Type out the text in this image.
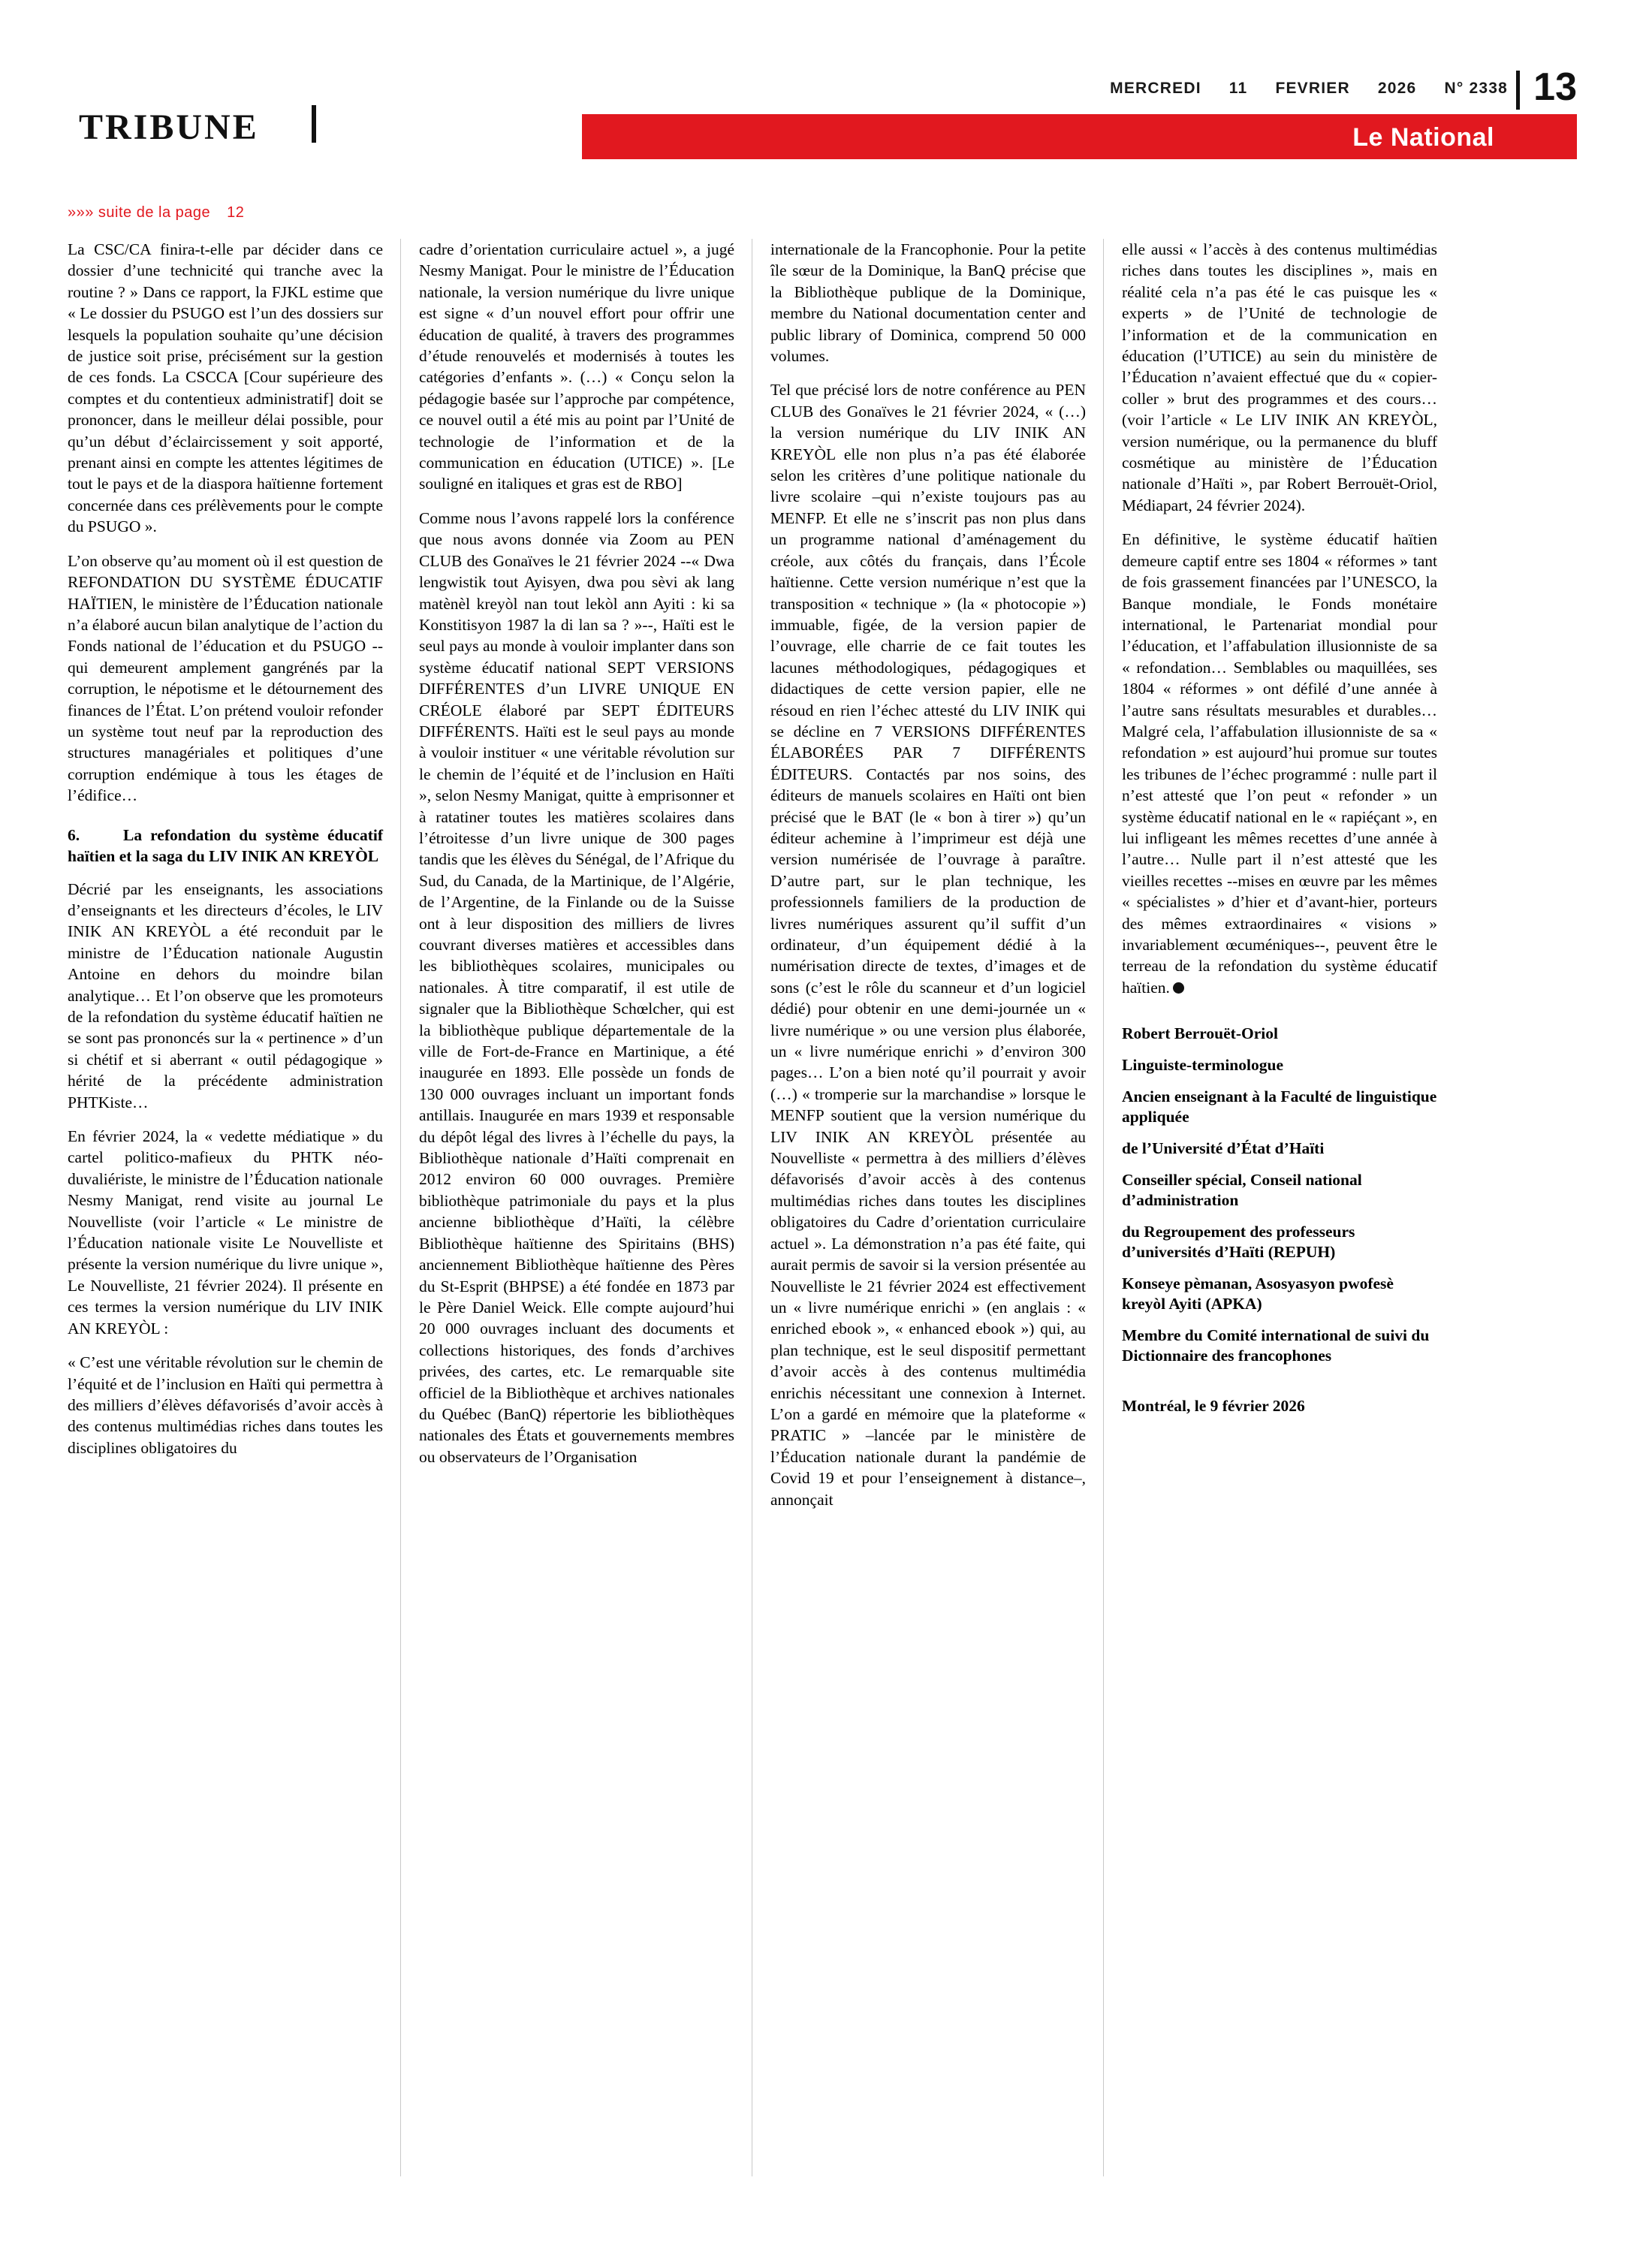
MERCREDI 11 FEVRIER 2026 N° 2338 13
TRIBUNE	Le National
»»» suite de la page 12

La CSC/CA finira-t-elle par décider dans ce dossier d’une technicité qui tranche avec la routine ? » Dans ce rapport, la FJKL estime que « Le dossier du PSUGO est l’un des dossiers sur lesquels la population souhaite qu’une décision de justice soit prise, précisément sur la gestion de ces fonds. La CSCCA [Cour supérieure des comptes et du contentieux administratif] doit se prononcer, dans le meilleur délai possible, pour qu’un début d’éclaircissement y soit apporté, prenant ainsi en compte les attentes légitimes de tout le pays et de la diaspora haïtienne fortement concernée dans ces prélèvements pour le compte du PSUGO ».

L’on observe qu’au moment où il est question de REFONDATION DU SYSTÈME ÉDUCATIF HAÏTIEN, le ministère de l’Éducation nationale n’a élaboré aucun bilan analytique de l’action du Fonds national de l’éducation et du PSUGO --qui demeurent amplement gangrénés par la corruption, le népotisme et le détournement des finances de l’État. L’on prétend vouloir refonder un système tout neuf par la reproduction des structures managériales et politiques d’une corruption endémique à tous les étages de l’édifice…

6.	La refondation du système éducatif haïtien et la saga du LIV INIK AN KREYÒL

Décrié par les enseignants, les associations d’enseignants et les directeurs d’écoles, le LIV INIK AN KREYÒL a été reconduit par le ministre de l’Éducation nationale Augustin Antoine en dehors du moindre bilan analytique… Et l’on observe que les promoteurs de la refondation du système éducatif haïtien ne se sont pas prononcés sur la « pertinence » d’un si chétif et si aberrant « outil pédagogique » hérité de la précédente administration PHTKiste…

En février 2024, la « vedette médiatique » du cartel politico-mafieux du PHTK néo-duvaliériste, le ministre de l’Éducation nationale Nesmy Manigat, rend visite au journal Le Nouvelliste (voir l’article « Le ministre de l’Éducation nationale visite Le Nouvelliste et présente la version numérique du livre unique », Le Nouvelliste, 21 février 2024). Il présente en ces termes la version numérique du LIV INIK AN KREYÒL :

« C’est une véritable révolution sur le chemin de l’équité et de l’inclusion en Haïti qui permettra à des milliers d’élèves défavorisés d’avoir accès à des contenus multimédias riches dans toutes les disciplines obligatoires du

cadre d’orientation curriculaire actuel », a jugé Nesmy Manigat. Pour le ministre de l’Éducation nationale, la version numérique du livre unique est signe « d’un nouvel effort pour offrir une éducation de qualité, à travers des programmes d’étude renouvelés et modernisés à toutes les catégories d’enfants ». (…) « Conçu selon la pédagogie basée sur l’approche par compétence, ce nouvel outil a été mis au point par l’Unité de technologie de l’information et de la communication en éducation (UTICE) ». [Le souligné en italiques et gras est de RBO]

Comme nous l’avons rappelé lors la conférence que nous avons donnée via Zoom au PEN CLUB des Gonaïves le 21 février 2024 --« Dwa lengwistik tout Ayisyen, dwa pou sèvi ak lang matènèl kreyòl nan tout lekòl ann Ayiti : ki sa Konstitisyon 1987 la di lan sa ? »--, Haïti est le seul pays au monde à vouloir implanter dans son système éducatif national SEPT VERSIONS DIFFÉRENTES d’un LIVRE UNIQUE EN CRÉOLE élaboré par SEPT ÉDITEURS DIFFÉRENTS. Haïti est le seul pays au monde à vouloir instituer « une véritable révolution sur le chemin de l’équité et de l’inclusion en Haïti », selon Nesmy Manigat, quitte à emprisonner et à ratatiner toutes les matières scolaires dans l’étroitesse d’un livre unique de 300 pages tandis que les élèves du Sénégal, de l’Afrique du Sud, du Canada, de la Martinique, de l’Algérie, de l’Argentine, de la Finlande ou de la Suisse ont à leur disposition des milliers de livres couvrant diverses matières et accessibles dans les bibliothèques scolaires, municipales ou nationales. À titre comparatif, il est utile de signaler que la Bibliothèque Schœlcher, qui est la bibliothèque publique départementale de la ville de Fort-de-France en Martinique, a été inaugurée en 1893. Elle possède un fonds de 130 000 ouvrages incluant un important fonds antillais. Inaugurée en mars 1939 et responsable du dépôt légal des livres à l’échelle du pays, la Bibliothèque nationale d’Haïti comprenait en 2012 environ 60 000 ouvrages. Première bibliothèque patrimoniale du pays et la plus ancienne bibliothèque d’Haïti, la célèbre Bibliothèque haïtienne des Spiritains (BHS) anciennement Bibliothèque haïtienne des Pères du St-Esprit (BHPSE) a été fondée en 1873 par le Père Daniel Weick. Elle compte aujourd’hui 20 000 ouvrages incluant des documents et collections historiques, des fonds d’archives privées, des cartes, etc. Le remarquable site officiel de la Bibliothèque et archives nationales du Québec (BanQ) répertorie les bibliothèques nationales des États et gouvernements membres ou observateurs de l’Organisation

internationale de la Francophonie. Pour la petite île sœur de la Dominique, la BanQ précise que la Bibliothèque publique de la Dominique, membre du National documentation center and public library of Dominica, comprend 50 000 volumes.

Tel que précisé lors de notre conférence au PEN CLUB des Gonaïves le 21 février 2024, « (…) la version numérique du LIV INIK AN KREYÒL elle non plus n’a pas été élaborée selon les critères d’une politique nationale du livre scolaire –qui n’existe toujours pas au MENFP. Et elle ne s’inscrit pas non plus dans un programme national d’aménagement du créole, aux côtés du français, dans l’École haïtienne. Cette version numérique n’est que la transposition « technique » (la « photocopie ») immuable, figée, de la version papier de l’ouvrage, elle charrie de ce fait toutes les lacunes méthodologiques, pédagogiques et didactiques de cette version papier, elle ne résoud en rien l’échec attesté du LIV INIK qui se décline en 7 VERSIONS DIFFÉRENTES ÉLABORÉES PAR 7 DIFFÉRENTS ÉDITEURS. Contactés par nos soins, des éditeurs de manuels scolaires en Haïti ont bien précisé que le BAT (le « bon à tirer ») qu’un éditeur achemine à l’imprimeur est déjà une version numérisée de l’ouvrage à paraître. D’autre part, sur le plan technique, les professionnels familiers de la production de livres numériques assurent qu’il suffit d’un ordinateur, d’un équipement dédié à la numérisation directe de textes, d’images et de sons (c’est le rôle du scanneur et d’un logiciel dédié) pour obtenir en une demi-journée un « livre numérique » ou une version plus élaborée, un « livre numérique enrichi » d’environ 300 pages… L’on a bien noté qu’il pourrait y avoir (…) « tromperie sur la marchandise » lorsque le MENFP soutient que la version numérique du LIV INIK AN KREYÒL présentée au Nouvelliste « permettra à des milliers d’élèves défavorisés d’avoir accès à des contenus multimédias riches dans toutes les disciplines obligatoires du Cadre d’orientation curriculaire actuel ». La démonstration n’a pas été faite, qui aurait permis de savoir si la version présentée au Nouvelliste le 21 février 2024 est effectivement un « livre numérique enrichi » (en anglais : « enriched ebook », « enhanced ebook ») qui, au plan technique, est le seul dispositif permettant d’avoir accès à des contenus multimédia enrichis nécessitant une connexion à Internet. L’on a gardé en mémoire que la plateforme « PRATIC » –lancée par le ministère de l’Éducation nationale durant la pandémie de Covid 19 et pour l’enseignement à distance–, annonçait

elle aussi « l’accès à des contenus multimédias riches dans toutes les disciplines », mais en réalité cela n’a pas été le cas puisque les « experts » de l’Unité de technologie de l’information et de la communication en éducation (l’UTICE) au sein du ministère de l’Éducation n’avaient effectué que du « copier-coller » brut des programmes et des cours… (voir l’article « Le LIV INIK AN KREYÒL, version numérique, ou la permanence du bluff cosmétique au ministère de l’Éducation nationale d’Haïti », par Robert Berrouët-Oriol, Médiapart, 24 février 2024).

En définitive, le système éducatif haïtien demeure captif entre ses 1804 « réformes » tant de fois grassement financées par l’UNESCO, la Banque mondiale, le Fonds monétaire international, le Partenariat mondial pour l’éducation, et l’affabulation illusionniste de sa « refondation… Semblables ou maquillées, ses 1804 « réformes » ont défilé d’une année à l’autre sans résultats mesurables et durables… Malgré cela, l’affabulation illusionniste de sa « refondation » est aujourd’hui promue sur toutes les tribunes de l’échec programmé : nulle part il n’est attesté que l’on peut « refonder » un système éducatif national en le « rapiéçant », en lui infligeant les mêmes recettes d’une année à l’autre… Nulle part il n’est attesté que les vieilles recettes --mises en œuvre par les mêmes « spécialistes » d’hier et d’avant-hier, porteurs des mêmes extraordinaires « visions » invariablement œcuméniques--, peuvent être le terreau de la refondation du système éducatif haïtien.

Robert Berrouët-Oriol

Linguiste-terminologue

Ancien enseignant à la Faculté de linguistique appliquée

de l’Université d’État d’Haïti

Conseiller spécial, Conseil national d’administration

du Regroupement des professeurs d’universités d’Haïti (REPUH)

Konseye pèmanan, Asosyasyon pwofesè kreyòl Ayiti (APKA)

Membre du Comité international de suivi du Dictionnaire des francophones

Montréal, le 9 février 2026
